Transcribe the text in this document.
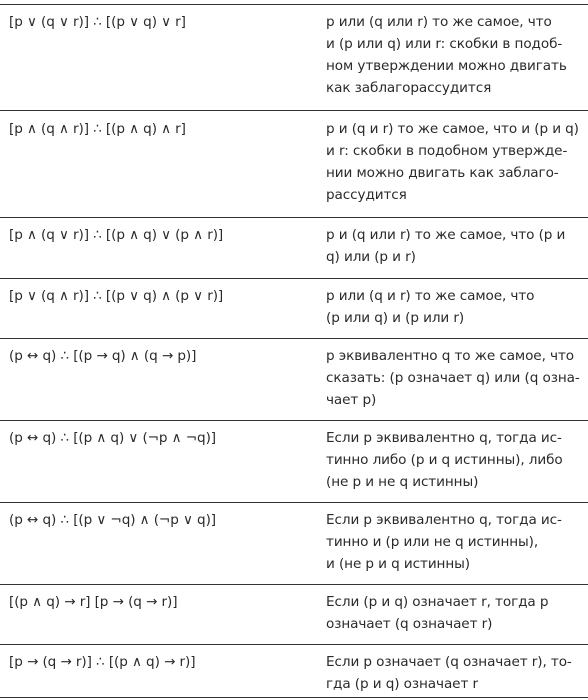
[p ∨ (q ∨ r)] ∴ [(p ∨ q) ∨ r]	р или (q или r) то же самое, что
и (р или q) или r: скобки в подоб-
ном утверждении можно двигать
как заблагорассудится
[p ∧ (q ∧ r)] ∴ [(p ∧ q) ∧ r]	р и (q и r) то же самое, что и (р и q)
и r: скобки в подобном утвержде-
нии можно двигать как заблаго-
рассудится
[p ∧ (q ∨ r)] ∴ [(p ∧ q) ∨ (p ∧ r)]	р и (q или r) то же самое, что (р и
q) или (р и r)
[p ∨ (q ∧ r)] ∴ [(p ∨ q) ∧ (p ∨ r)]	р или (q и r) то же самое, что
(р или q) и (р или r)
(p ↔ q) ∴ [(p → q) ∧ (q → p)]	р эквивалентно q то же самое, что
сказать: (р означает q) или (q озна-
чает р)
(p ↔ q) ∴ [(p ∧ q) ∨ (¬p ∧ ¬q)]	Если р эквивалентно q, тогда ис-
тинно либо (р и q истинны), либо
(не р и не q истинны)
(p ↔ q) ∴ [(p ∨ ¬q) ∧ (¬p ∨ q)]	Если р эквивалентно q, тогда ис-
тинно и (р или не q истинны),
и (не р и q истинны)
[(p ∧ q) → r] [p → (q → r)]	Если (р и q) означает r, тогда р
означает (q означает r)
[p → (q → r)] ∴ [(p ∧ q) → r)]	Если р означает (q означает r), то-
гда (р и q) означает r
